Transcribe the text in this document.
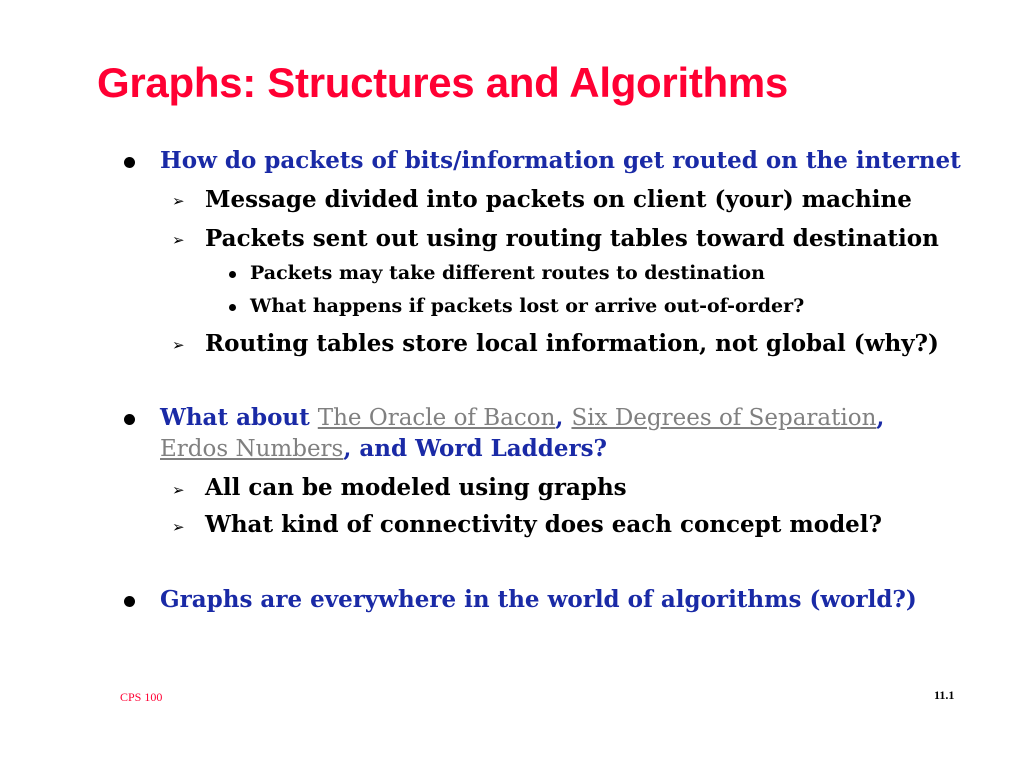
Graphs: Structures and Algorithms
How do packets of bits/information get routed on the internet
➢ Message divided into packets on client (your) machine
➢ Packets sent out using routing tables toward destination
Packets may take different routes to destination
What happens if packets lost or arrive out-of-order?
➢ Routing tables store local information, not global (why?)
What about The Oracle of Bacon, Six Degrees of Separation,
Erdos Numbers, and Word Ladders?
➢ All can be modeled using graphs
➢ What kind of connectivity does each concept model?
Graphs are everywhere in the world of algorithms (world?)
CPS 100	11.1
